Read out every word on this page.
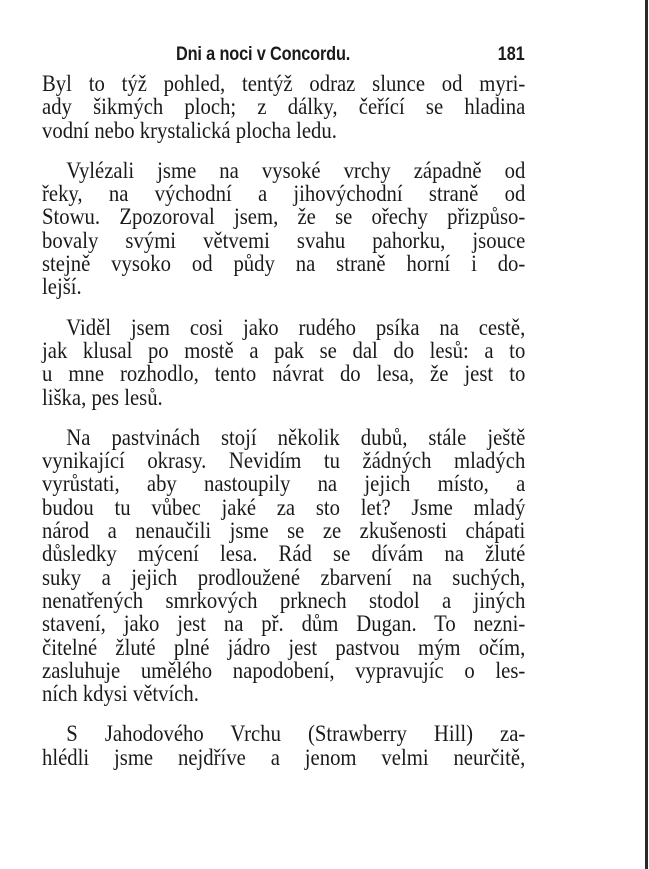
Dni a noci v Concordu.	181

Byl to týž pohled, tentýž odraz slunce od myri-
ady šikmých ploch; z dálky, čeřící se hladina
vodní nebo krystalická plocha ledu.

Vylézali jsme na vysoké vrchy západně od
řeky, na východní a jihovýchodní straně od
Stowu. Zpozoroval jsem, že se ořechy přizpůso-
bovaly svými větvemi svahu pahorku, jsouce
stejně vysoko od půdy na straně horní i do-
lejší.

Viděl jsem cosi jako rudého psíka na cestě,
jak klusal po mostě a pak se dal do lesů: a to
u mne rozhodlo, tento návrat do lesa, že jest to
liška, pes lesů.

Na pastvinách stojí několik dubů, stále ještě
vynikající okrasy. Nevidím tu žádných mladých
vyrůstati, aby nastoupily na jejich místo, a
budou tu vůbec jaké za sto let? Jsme mladý
národ a nenaučili jsme se ze zkušenosti chápati
důsledky mýcení lesa. Rád se dívám na žluté
suky a jejich prodloužené zbarvení na suchých,
nenatřených smrkových prknech stodol a jiných
stavení, jako jest na př. dům Dugan. To nezni-
čitelné žluté plné jádro jest pastvou mým očím,
zasluhuje umělého napodobení, vypravujíc o les-
ních kdysi větvích.

S Jahodového Vrchu (Strawberry Hill) za-
hlédli jsme nejdříve a jenom velmi neurčitě,
